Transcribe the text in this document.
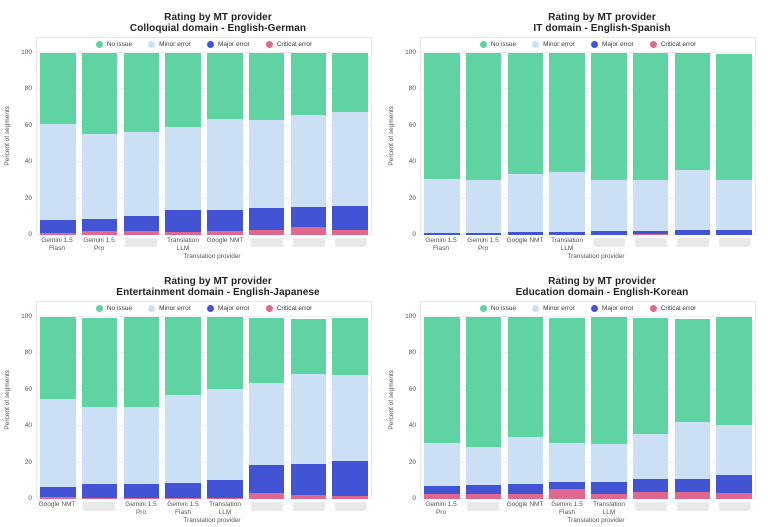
Rating by MT provider
Colloquial domain - English-German
Percent of segments
0
20
40
60
80
100
No issue	Minor error	Major error	Critical error
Gemini 1.5 Flash
Gemini 1.5 Pro
Translation LLM
Google NMT
Translation provider
Rating by MT provider
IT domain - English-Spanish
Percent of segments
0
20
40
60
80
100
No issue	Minor error	Major error	Critical error
Gemini 1.5 Flash
Gemini 1.5 Pro
Google NMT	Translation LLM
Translation provider
Rating by MT provider
Entertainment domain - English-Japanese
Percent of segments
0
20
40
60
80
100
No issue	Minor error	Major error	Critical error
Google NMT	Gemini 1.5 Pro
Gemini 1.5 Flash
Translation LLM
Translation provider
Rating by MT provider
Education domain - English-Korean
Percent of segments
0
20
40
60
80
100
No issue	Minor error	Major error	Critical error
Gemini 1.5 Pro
Google NMT	Gemini 1.5 Flash
Translation LLM
Translation provider
